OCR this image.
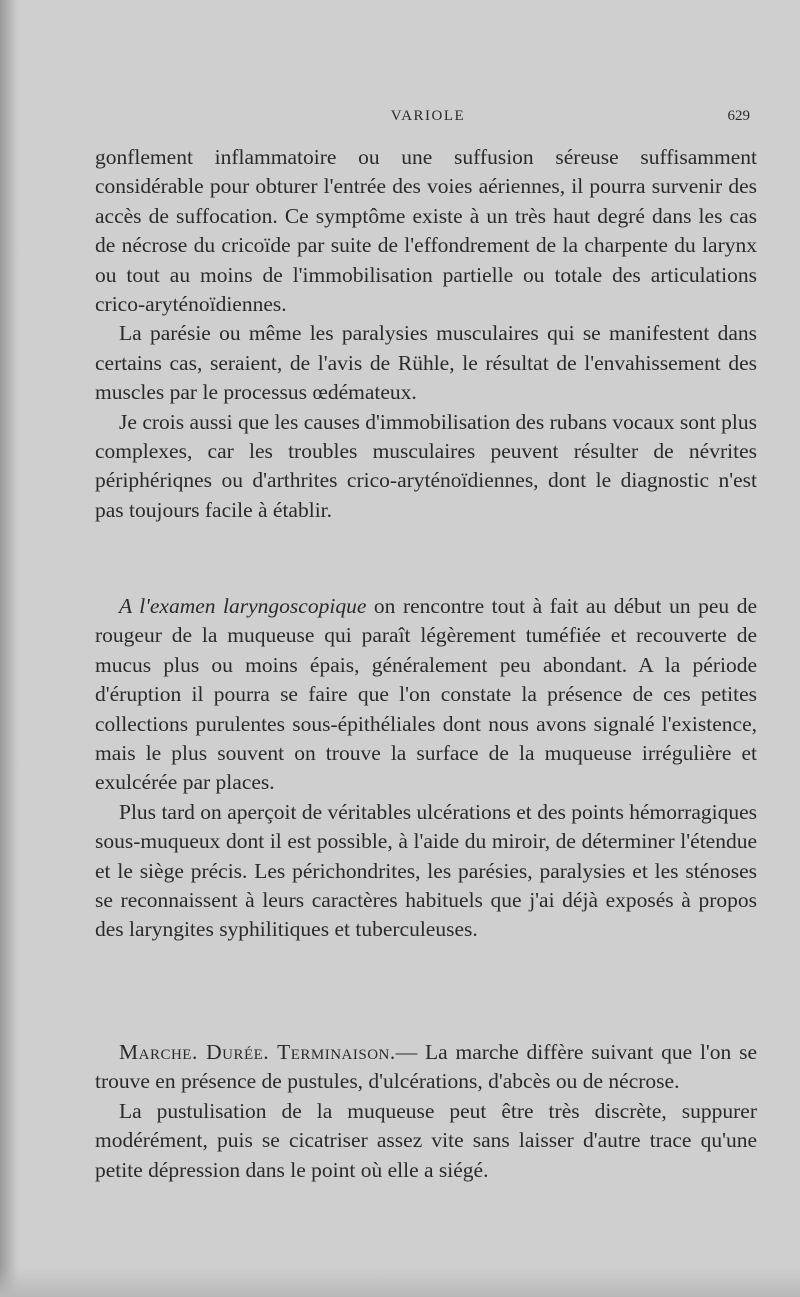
VARIOLE	629

gonflement inflammatoire ou une suffusion séreuse suffisamment considérable pour obturer l'entrée des voies aériennes, il pourra survenir des accès de suffocation. Ce symptôme existe à un très haut degré dans les cas de nécrose du cricoïde par suite de l'effondrement de la charpente du larynx ou tout au moins de l'immobilisation partielle ou totale des articulations crico-aryténoïdiennes.

La parésie ou même les paralysies musculaires qui se manifestent dans certains cas, seraient, de l'avis de Rühle, le résultat de l'envahissement des muscles par le processus œdémateux.

Je crois aussi que les causes d'immobilisation des rubans vocaux sont plus complexes, car les troubles musculaires peuvent résulter de névrites périphériqnes ou d'arthrites crico-aryténoïdiennes, dont le diagnostic n'est pas toujours facile à établir.

A l'examen laryngoscopique on rencontre tout à fait au début un peu de rougeur de la muqueuse qui paraît légèrement tuméfiée et recouverte de mucus plus ou moins épais, généralement peu abondant. A la période d'éruption il pourra se faire que l'on constate la présence de ces petites collections purulentes sous-épithéliales dont nous avons signalé l'existence, mais le plus souvent on trouve la surface de la muqueuse irrégulière et exulcérée par places.

Plus tard on aperçoit de véritables ulcérations et des points hémorragiques sous-muqueux dont il est possible, à l'aide du miroir, de déterminer l'étendue et le siège précis. Les périchondrites, les parésies, paralysies et les sténoses se reconnaissent à leurs caractères habituels que j'ai déjà exposés à propos des laryngites syphilitiques et tuberculeuses.

Marche. Durée. Terminaison.— La marche diffère suivant que l'on se trouve en présence de pustules, d'ulcérations, d'abcès ou de nécrose.

La pustulisation de la muqueuse peut être très discrète, suppurer modérément, puis se cicatriser assez vite sans laisser d'autre trace qu'une petite dépression dans le point où elle a siégé.
